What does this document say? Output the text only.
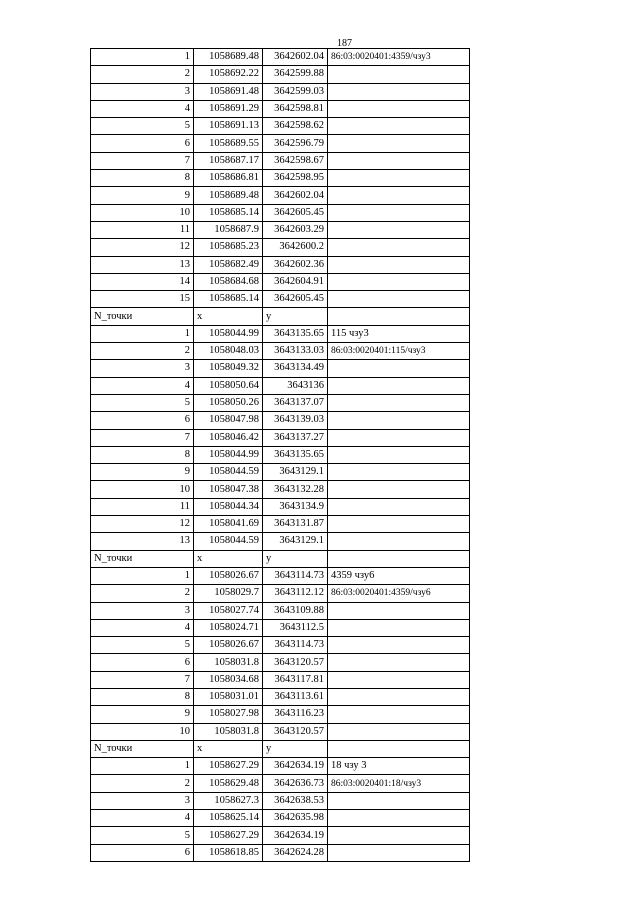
187
1	1058689.48	3642602.04	86:03:0020401:4359/чзу3
2	1058692.22	3642599.88	
3	1058691.48	3642599.03	
4	1058691.29	3642598.81	
5	1058691.13	3642598.62	
6	1058689.55	3642596.79	
7	1058687.17	3642598.67	
8	1058686.81	3642598.95	
9	1058689.48	3642602.04	
10	1058685.14	3642605.45	
11	1058687.9	3642603.29	
12	1058685.23	3642600.2	
13	1058682.49	3642602.36	
14	1058684.68	3642604.91	
15	1058685.14	3642605.45	
N_точки	x	y	
1	1058044.99	3643135.65	115 чзу3
2	1058048.03	3643133.03	86:03:0020401:115/чзу3
3	1058049.32	3643134.49	
4	1058050.64	3643136	
5	1058050.26	3643137.07	
6	1058047.98	3643139.03	
7	1058046.42	3643137.27	
8	1058044.99	3643135.65	
9	1058044.59	3643129.1	
10	1058047.38	3643132.28	
11	1058044.34	3643134.9	
12	1058041.69	3643131.87	
13	1058044.59	3643129.1	
N_точки	x	y	
1	1058026.67	3643114.73	4359 чзу6
2	1058029.7	3643112.12	86:03:0020401:4359/чзу6
3	1058027.74	3643109.88	
4	1058024.71	3643112.5	
5	1058026.67	3643114.73	
6	1058031.8	3643120.57	
7	1058034.68	3643117.81	
8	1058031.01	3643113.61	
9	1058027.98	3643116.23	
10	1058031.8	3643120.57	
N_точки	x	y	
1	1058627.29	3642634.19	18 чзу 3
2	1058629.48	3642636.73	86:03:0020401:18/чзу3
3	1058627.3	3642638.53	
4	1058625.14	3642635.98	
5	1058627.29	3642634.19	
6	1058618.85	3642624.28	
